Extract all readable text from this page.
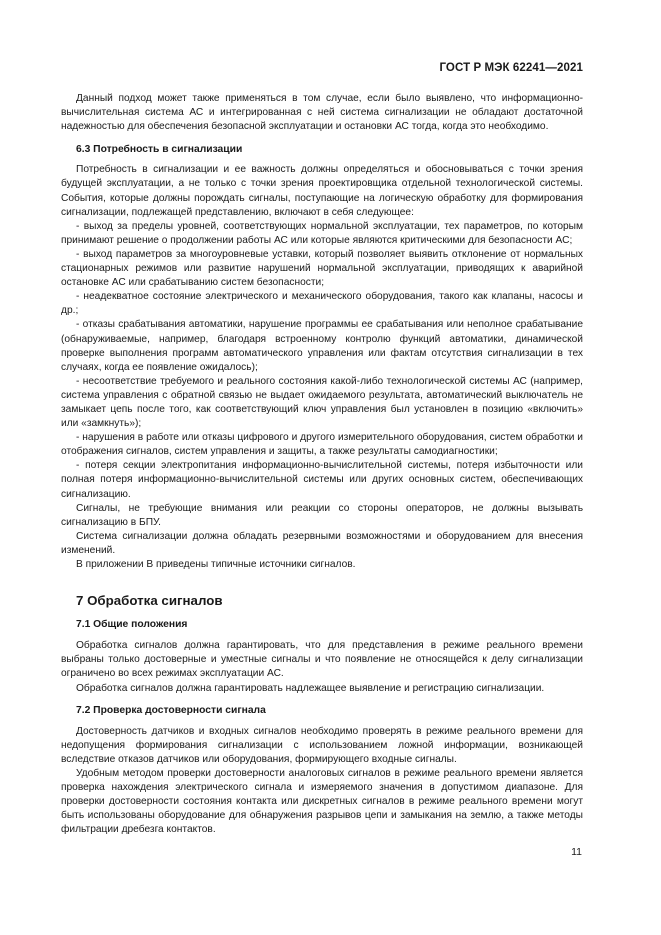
ГОСТ Р МЭК 62241—2021

Данный подход может также применяться в том случае, если было выявлено, что информационно-вычислительная система АС и интегрированная с ней система сигнализации не обладают достаточной надежностью для обеспечения безопасной эксплуатации и остановки АС тогда, когда это необходимо.

6.3 Потребность в сигнализации

Потребность в сигнализации и ее важность должны определяться и обосновываться с точки зрения будущей эксплуатации, а не только с точки зрения проектировщика отдельной технологической системы. События, которые должны порождать сигналы, поступающие на логическую обработку для формирования сигнализации, подлежащей представлению, включают в себя следующее:

- выход за пределы уровней, соответствующих нормальной эксплуатации, тех параметров, по которым принимают решение о продолжении работы АС или которые являются критическими для безопасности АС;

- выход параметров за многоуровневые уставки, который позволяет выявить отклонение от нормальных стационарных режимов или развитие нарушений нормальной эксплуатации, приводящих к аварийной остановке АС или срабатыванию систем безопасности;

- неадекватное состояние электрического и механического оборудования, такого как клапаны, насосы и др.;

- отказы срабатывания автоматики, нарушение программы ее срабатывания или неполное срабатывание (обнаруживаемые, например, благодаря встроенному контролю функций автоматики, динамической проверке выполнения программ автоматического управления или фактам отсутствия сигнализации в тех случаях, когда ее появление ожидалось);

- несоответствие требуемого и реального состояния какой-либо технологической системы АС (например, система управления с обратной связью не выдает ожидаемого результата, автоматический выключатель не замыкает цепь после того, как соответствующий ключ управления был установлен в позицию «включить» или «замкнуть»);

- нарушения в работе или отказы цифрового и другого измерительного оборудования, систем обработки и отображения сигналов, систем управления и защиты, а также результаты самодиагностики;

- потеря секции электропитания информационно-вычислительной системы, потеря избыточности или полная потеря информационно-вычислительной системы или других основных систем, обеспечивающих сигнализацию.

Сигналы, не требующие внимания или реакции со стороны операторов, не должны вызывать сигнализацию в БПУ.

Система сигнализации должна обладать резервными возможностями и оборудованием для внесения изменений.

В приложении В приведены типичные источники сигналов.

7 Обработка сигналов

7.1 Общие положения

Обработка сигналов должна гарантировать, что для представления в режиме реального времени выбраны только достоверные и уместные сигналы и что появление не относящейся к делу сигнализации ограничено во всех режимах эксплуатации АС.

Обработка сигналов должна гарантировать надлежащее выявление и регистрацию сигнализации.

7.2 Проверка достоверности сигнала

Достоверность датчиков и входных сигналов необходимо проверять в режиме реального времени для недопущения формирования сигнализации с использованием ложной информации, возникающей вследствие отказов датчиков или оборудования, формирующего входные сигналы.

Удобным методом проверки достоверности аналоговых сигналов в режиме реального времени является проверка нахождения электрического сигнала и измеряемого значения в допустимом диапазоне. Для проверки достоверности состояния контакта или дискретных сигналов в режиме реального времени могут быть использованы оборудование для обнаружения разрывов цепи и замыкания на землю, а также методы фильтрации дребезга контактов.

11
